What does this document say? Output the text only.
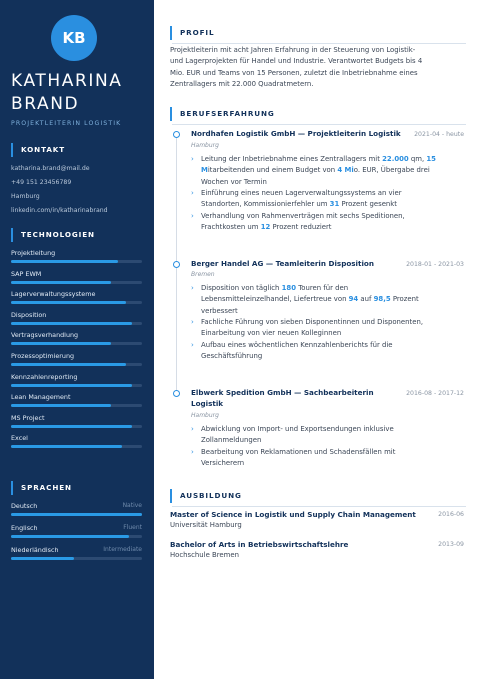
KB
KATHARINA
BRAND
PROJEKTLEITERIN LOGISTIK
KONTAKT
katharina.brand@mail.de
+49 151 23456789
Hamburg
linkedin.com/in/katharinabrand
TECHNOLOGIEN
Projektleitung
SAP EWM
Lagerverwaltungssysteme
Disposition
Vertragsverhandlung
Prozessoptimierung
Kennzahlenreporting
Lean Management
MS Project
Excel
SPRACHEN
Deutsch	Native
Englisch	Fluent
Niederländisch	Intermediate
PROFIL
Projektleiterin mit acht Jahren Erfahrung in der Steuerung von Logistik-
und Lagerprojekten für Handel und Industrie. Verantwortet Budgets bis 4
Mio. EUR und Teams von 15 Personen, zuletzt die Inbetriebnahme eines
Zentrallagers mit 22.000 Quadratmetern.
BERUFSERFAHRUNG
Nordhafen Logistik GmbH — Projektleiterin Logistik 2021-04 - heute
Hamburg
› Leitung der Inbetriebnahme eines Zentrallagers mit 22.000 qm, 15
Mitarbeitenden und einem Budget von 4 Mio. EUR, Übergabe drei
Wochen vor Termin
› Einführung eines neuen Lagerverwaltungssystems an vier
Standorten, Kommissionierfehler um 31 Prozent gesenkt
› Verhandlung von Rahmenverträgen mit sechs Speditionen,
Frachtkosten um 12 Prozent reduziert
Berger Handel AG — Teamleiterin Disposition	2018-01 - 2021-03
Bremen
› Disposition von täglich 180 Touren für den
Lebensmitteleinzelhandel, Liefertreue von 94 auf 98,5 Prozent
verbessert
› Fachliche Führung von sieben Disponentinnen und Disponenten,
Einarbeitung von vier neuen Kolleginnen
› Aufbau eines wöchentlichen Kennzahlenberichts für die
Geschäftsführung
Elbwerk Spedition GmbH — Sachbearbeiterin
Logistik
2016-08 - 2017-12
Hamburg
› Abwicklung von Import- und Exportsendungen inklusive
Zollanmeldungen
› Bearbeitung von Reklamationen und Schadensfällen mit
Versicherern
AUSBILDUNG
Master of Science in Logistik und Supply Chain Management	2016-06
Universität Hamburg
Bachelor of Arts in Betriebswirtschaftslehre	2013-09
Hochschule Bremen
